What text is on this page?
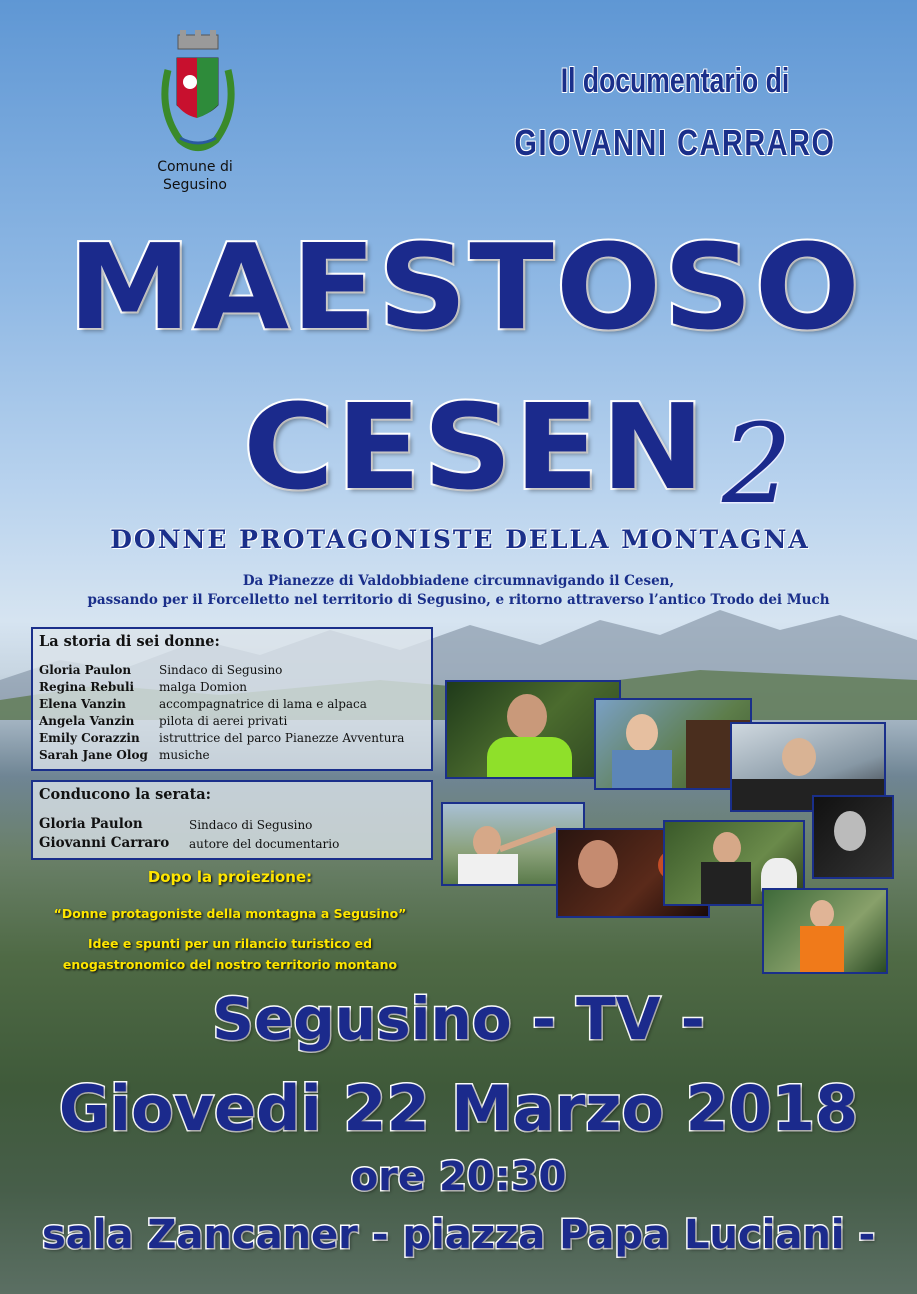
Comune di
Segusino
Il documentario di
GIOVANNI CARRARO
MAESTOSO
CESEN 2
DONNE PROTAGONISTE DELLA MONTAGNA
Da Pianezze di Valdobbiadene circumnavigando il Cesen,
passando per il Forcelletto nel territorio di Segusino, e ritorno attraverso l’antico Trodo dei Much
La storia di sei donne:
Gloria Paulon Sindaco di Segusino
Regina Rebuli malga Domion
Elena Vanzin	accompagnatrice di lama e alpaca
Angela Vanzin pilota di aerei privati
Emily Corazzin istruttrice del parco Pianezze Avventura
Sarah Jane Olog musiche
Conducono la serata:
Gloria Paulon	Sindaco di Segusino
Giovanni Carraro autore del documentario
Dopo la proiezione:
“Donne protagoniste della montagna a Segusino”
Idee e spunti per un rilancio turistico ed
enogastronomico del nostro territorio montano
Segusino - TV -
Giovedi 22 Marzo 2018
ore 20:30
sala Zancaner - piazza Papa Luciani -
